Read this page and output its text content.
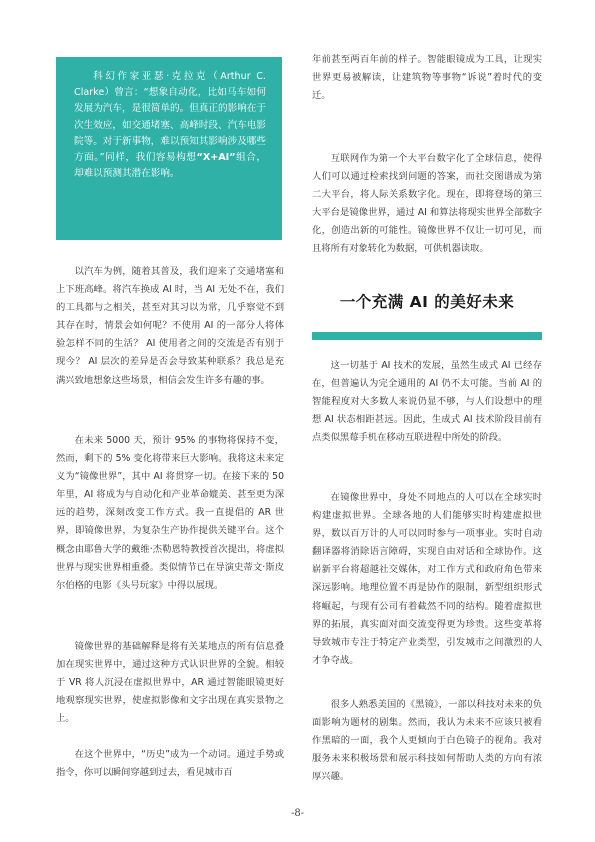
科幻作家亚瑟·克拉克（Arthur C. Clarke）曾言：“想象自动化，比如马车如何发展为汽车，是很简单的。但真正的影响在于次生效应，如交通堵塞、高峰时段、汽车电影院等。对于新事物，难以预知其影响涉及哪些方面。”同样，我们容易构想“X+AI”组合，却难以预测其潜在影响。

以汽车为例，随着其普及，我们迎来了交通堵塞和上下班高峰。将汽车换成 AI 时，当 AI 无处不在，我们的工具都与之相关，甚至对其习以为常，几乎察觉不到其存在时，情景会如何呢？不使用 AI 的一部分人将体验怎样不同的生活？ AI 使用者之间的交流是否有别于现今？ AI 层次的差异是否会导致某种联系？我总是充满兴致地想象这些场景，相信会发生许多有趣的事。

在未来 5000 天，预计 95% 的事物将保持不变，然而，剩下的 5% 变化将带来巨大影响。我将这未来定义为“镜像世界”，其中 AI 将贯穿一切。在接下来的 50 年里，AI 将成为与自动化和产业革命媲美、甚至更为深远的趋势，深刻改变工作方式。我一直提倡的 AR 世界，即镜像世界，为复杂生产协作提供关键平台。这个概念由耶鲁大学的戴维·杰勒恩特教授首次提出，将虚拟世界与现实世界相重叠。类似情节已在导演史蒂文·斯皮尔伯格的电影《头号玩家》中得以展现。

镜像世界的基础解释是将有关某地点的所有信息叠加在现实世界中，通过这种方式认识世界的全貌。相较于 VR 将人沉浸在虚拟世界中，AR 通过智能眼镜更好地观察现实世界，使虚拟影像和文字出现在真实景物之上。

在这个世界中，“历史”成为一个动词。通过手势或指令，你可以瞬间穿越到过去，看见城市百

年前甚至两百年前的样子。智能眼镜成为工具，让现实世界更易被解读，让建筑物等事物“诉说”着时代的变迁。

互联网作为第一个大平台数字化了全球信息，使得人们可以通过检索找到问题的答案，而社交图谱成为第二大平台，将人际关系数字化。现在，即将登场的第三大平台是镜像世界，通过 AI 和算法将现实世界全部数字化，创造出新的可能性。镜像世界不仅让一切可见，而且将所有对象转化为数据，可供机器读取。

一个充满 AI 的美好未来

这一切基于 AI 技术的发展，虽然生成式 AI 已经存在，但普遍认为完全通用的 AI 仍不太可能。当前 AI 的智能程度对大多数人来说仍显不够，与人们设想中的理想 AI 状态相距甚远。因此，生成式 AI 技术阶段目前有点类似黑莓手机在移动互联进程中所处的阶段。

在镜像世界中，身处不同地点的人可以在全球实时构建虚拟世界。全球各地的人们能够实时构建虚拟世界，数以百万计的人可以同时参与一项事业。实时自动翻译器将消除语言障碍，实现自由对话和全球协作。这崭新平台将超越社交媒体，对工作方式和政府角色带来深远影响。地理位置不再是协作的限制，新型组织形式将崛起，与现有公司有着截然不同的结构。随着虚拟世界的拓展，真实面对面交流变得更为珍贵。这些变革将导致城市专注于特定产业类型，引发城市之间激烈的人才争夺战。

很多人熟悉美国的《黑镜》，一部以科技对未来的负面影响为题材的剧集。然而，我认为未来不应该只被看作黑暗的一面，我个人更倾向于白色镜子的视角。我对服务未来积极场景和展示科技如何帮助人类的方向有浓厚兴趣。

-8-
